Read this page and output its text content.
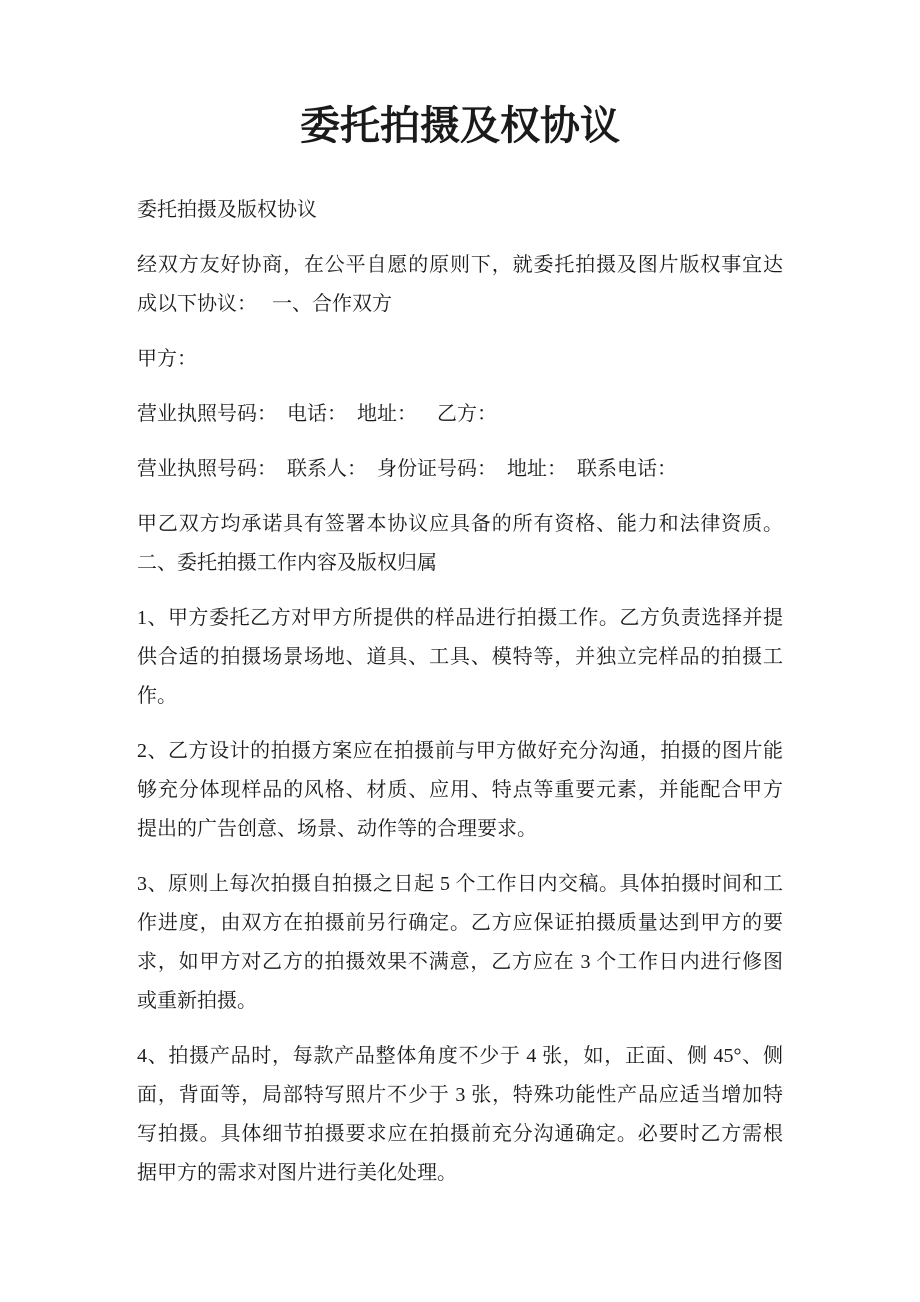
委托拍摄及权协议
委托拍摄及版权协议
经双方友好协商，在公平自愿的原则下，就委托拍摄及图片版权事宜达
成以下协议：   一、合作双方
甲方：
营业执照号码：  电话：  地址：    乙方：
营业执照号码：  联系人：  身份证号码：  地址：  联系电话：
甲乙双方均承诺具有签署本协议应具备的所有资格、能力和法律资质。
二、委托拍摄工作内容及版权归属
1、甲方委托乙方对甲方所提供的样品进行拍摄工作。乙方负责选择并提
供合适的拍摄场景场地、道具、工具、模特等，并独立完样品的拍摄工
作。
2、乙方设计的拍摄方案应在拍摄前与甲方做好充分沟通，拍摄的图片能
够充分体现样品的风格、材质、应用、特点等重要元素，并能配合甲方
提出的广告创意、场景、动作等的合理要求。
3、原则上每次拍摄自拍摄之日起 5 个工作日内交稿。具体拍摄时间和工
作进度，由双方在拍摄前另行确定。乙方应保证拍摄质量达到甲方的要
求，如甲方对乙方的拍摄效果不满意，乙方应在 3 个工作日内进行修图
或重新拍摄。
4、拍摄产品时，每款产品整体角度不少于 4 张，如，正面、侧 45°、侧
面，背面等，局部特写照片不少于 3 张，特殊功能性产品应适当增加特
写拍摄。具体细节拍摄要求应在拍摄前充分沟通确定。必要时乙方需根
据甲方的需求对图片进行美化处理。
